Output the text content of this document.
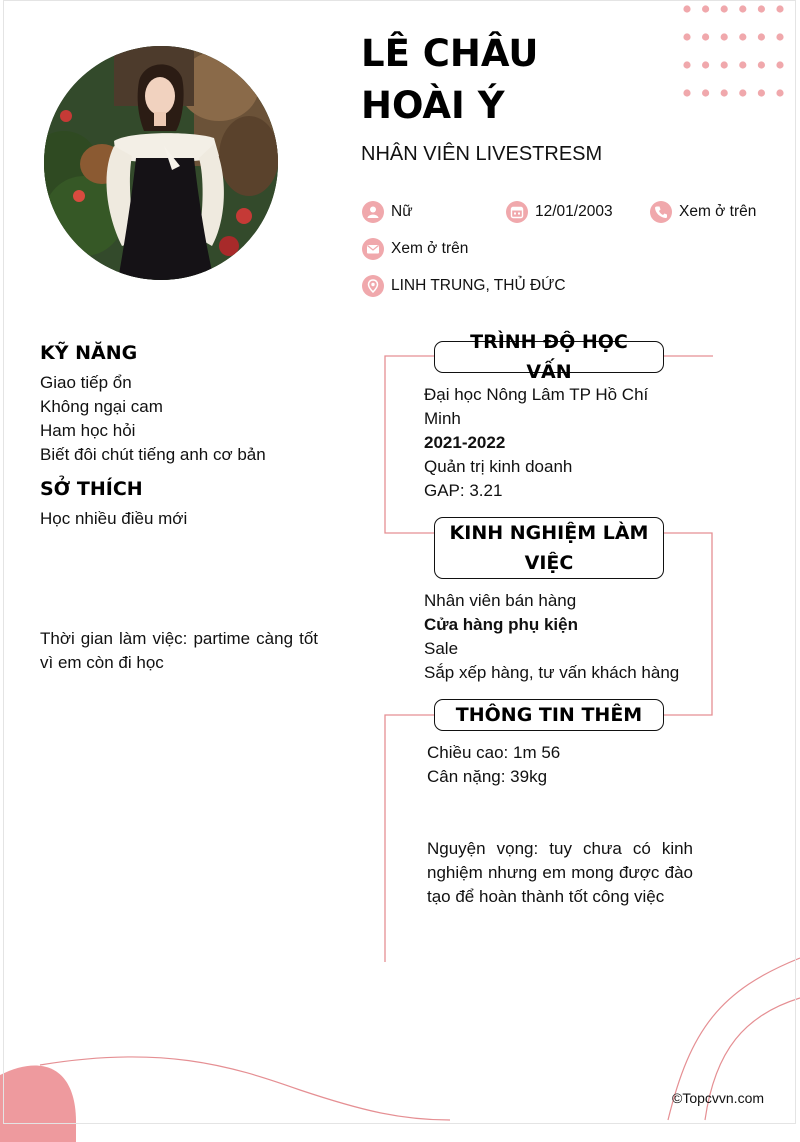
LÊ CHÂU
HOÀI Ý
NHÂN VIÊN LIVESTRESM
Nữ	12/01/2003	Xem ở trên
Xem ở trên
LINH TRUNG, THỦ ĐỨC
KỸ NĂNG
Giao tiếp ổn
Không ngại cam
Ham học hỏi
Biết đôi chút tiếng anh cơ bản
SỞ THÍCH
Học nhiều điều mới
Thời gian làm việc: partime càng tốt vì em còn đi học
TRÌNH ĐỘ HỌC VẤN
Đại học Nông Lâm TP Hồ Chí Minh
2021-2022
Quản trị kinh doanh
GAP: 3.21
KINH NGHIỆM LÀM VIỆC
Nhân viên bán hàng
Cửa hàng phụ kiện
Sale
Sắp xếp hàng, tư vấn khách hàng
THÔNG TIN THÊM
Chiều cao: 1m 56
Cân nặng: 39kg
Nguyện vọng: tuy chưa có kinh nghiệm nhưng em mong được đào tạo để hoàn thành tốt công việc
©Topcvvn.com
